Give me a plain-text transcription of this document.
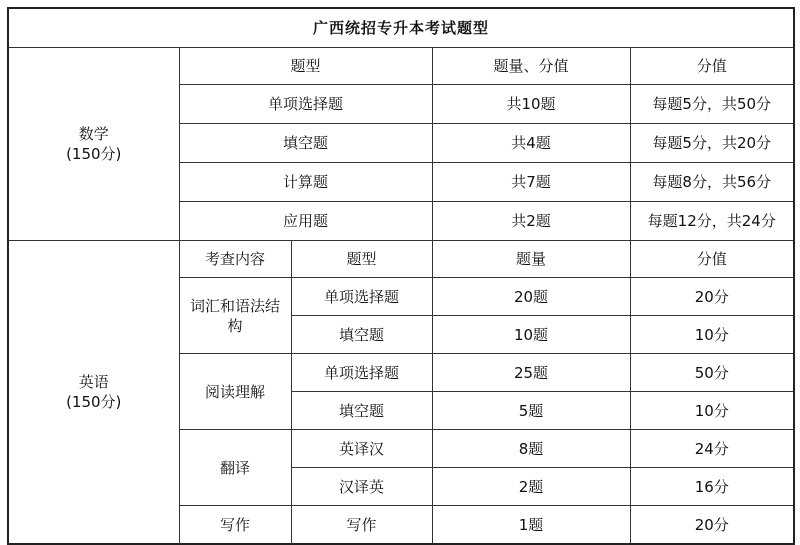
广西统招专升本考试题型				

数学
(150分)	题型		题量、分值	分值
	单项选择题		共10题	每题5分，共50分
	填空题		共4题	每题5分，共20分
	计算题		共7题	每题8分，共56分
	应用题		共2题	每题12分，共24分

英语
(150分)	考查内容	题型	题量	分值
	词汇和语法结构	单项选择题	20题	20分
		填空题	10题	10分
	阅读理解	单项选择题	25题	50分
		填空题	5题	10分
	翻译	英译汉	8题	24分
		汉译英	2题	16分
	写作	写作	1题	20分
